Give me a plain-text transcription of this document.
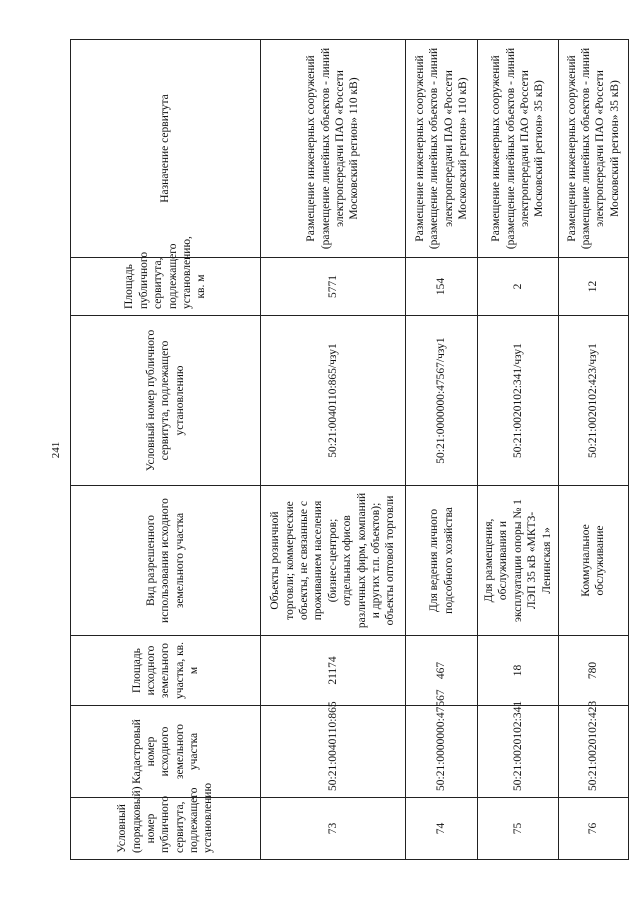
241
Условный (порядковый) номер публичного сервитута, подлежащего установлению	Кадастровый номер исходного земельного участка	Площадь исходного земельного участка, кв. м	Вид разрешенного использования исходного земельного участка	Условный номер публичного сервитута, подлежащего установлению	Площадь публичного сервитута, подлежащего установлению, кв. м	Назначение сервитута
73	50:21:0040110:865	21174	Объекты розничной торговли; коммерческие объекты, не связанные с проживанием населения (бизнес-центров; отдельных офисов различных фирм, компаний и других т.п. объектов); объекты оптовой торговли	50:21:0040110:865/чзу1	5771	Размещение инженерных сооружений (размещение линейных объектов - линий электропередачи ПАО «Россети Московский регион» 110 кВ)
74	50:21:0000000:47567	467	Для ведения личного подсобного хозяйства	50:21:0000000:47567/чзу1	154	Размещение инженерных сооружений (размещение линейных объектов - линий электропередачи ПАО «Россети Московский регион» 110 кВ)
75	50:21:0020102:341	18	Для размещения, обслуживания и эксплуатации опоры № 1 ЛЭП 35 кВ «МКТЗ-Ленинская 1»	50:21:0020102:341/чзу1	2	Размещение инженерных сооружений (размещение линейных объектов - линий электропередачи ПАО «Россети Московский регион» 35 кВ)
76	50:21:0020102:423	780	Коммунальное обслуживание	50:21:0020102:423/чзу1	12	Размещение инженерных сооружений (размещение линейных объектов - линий электропередачи ПАО «Россети Московский регион» 35 кВ)
